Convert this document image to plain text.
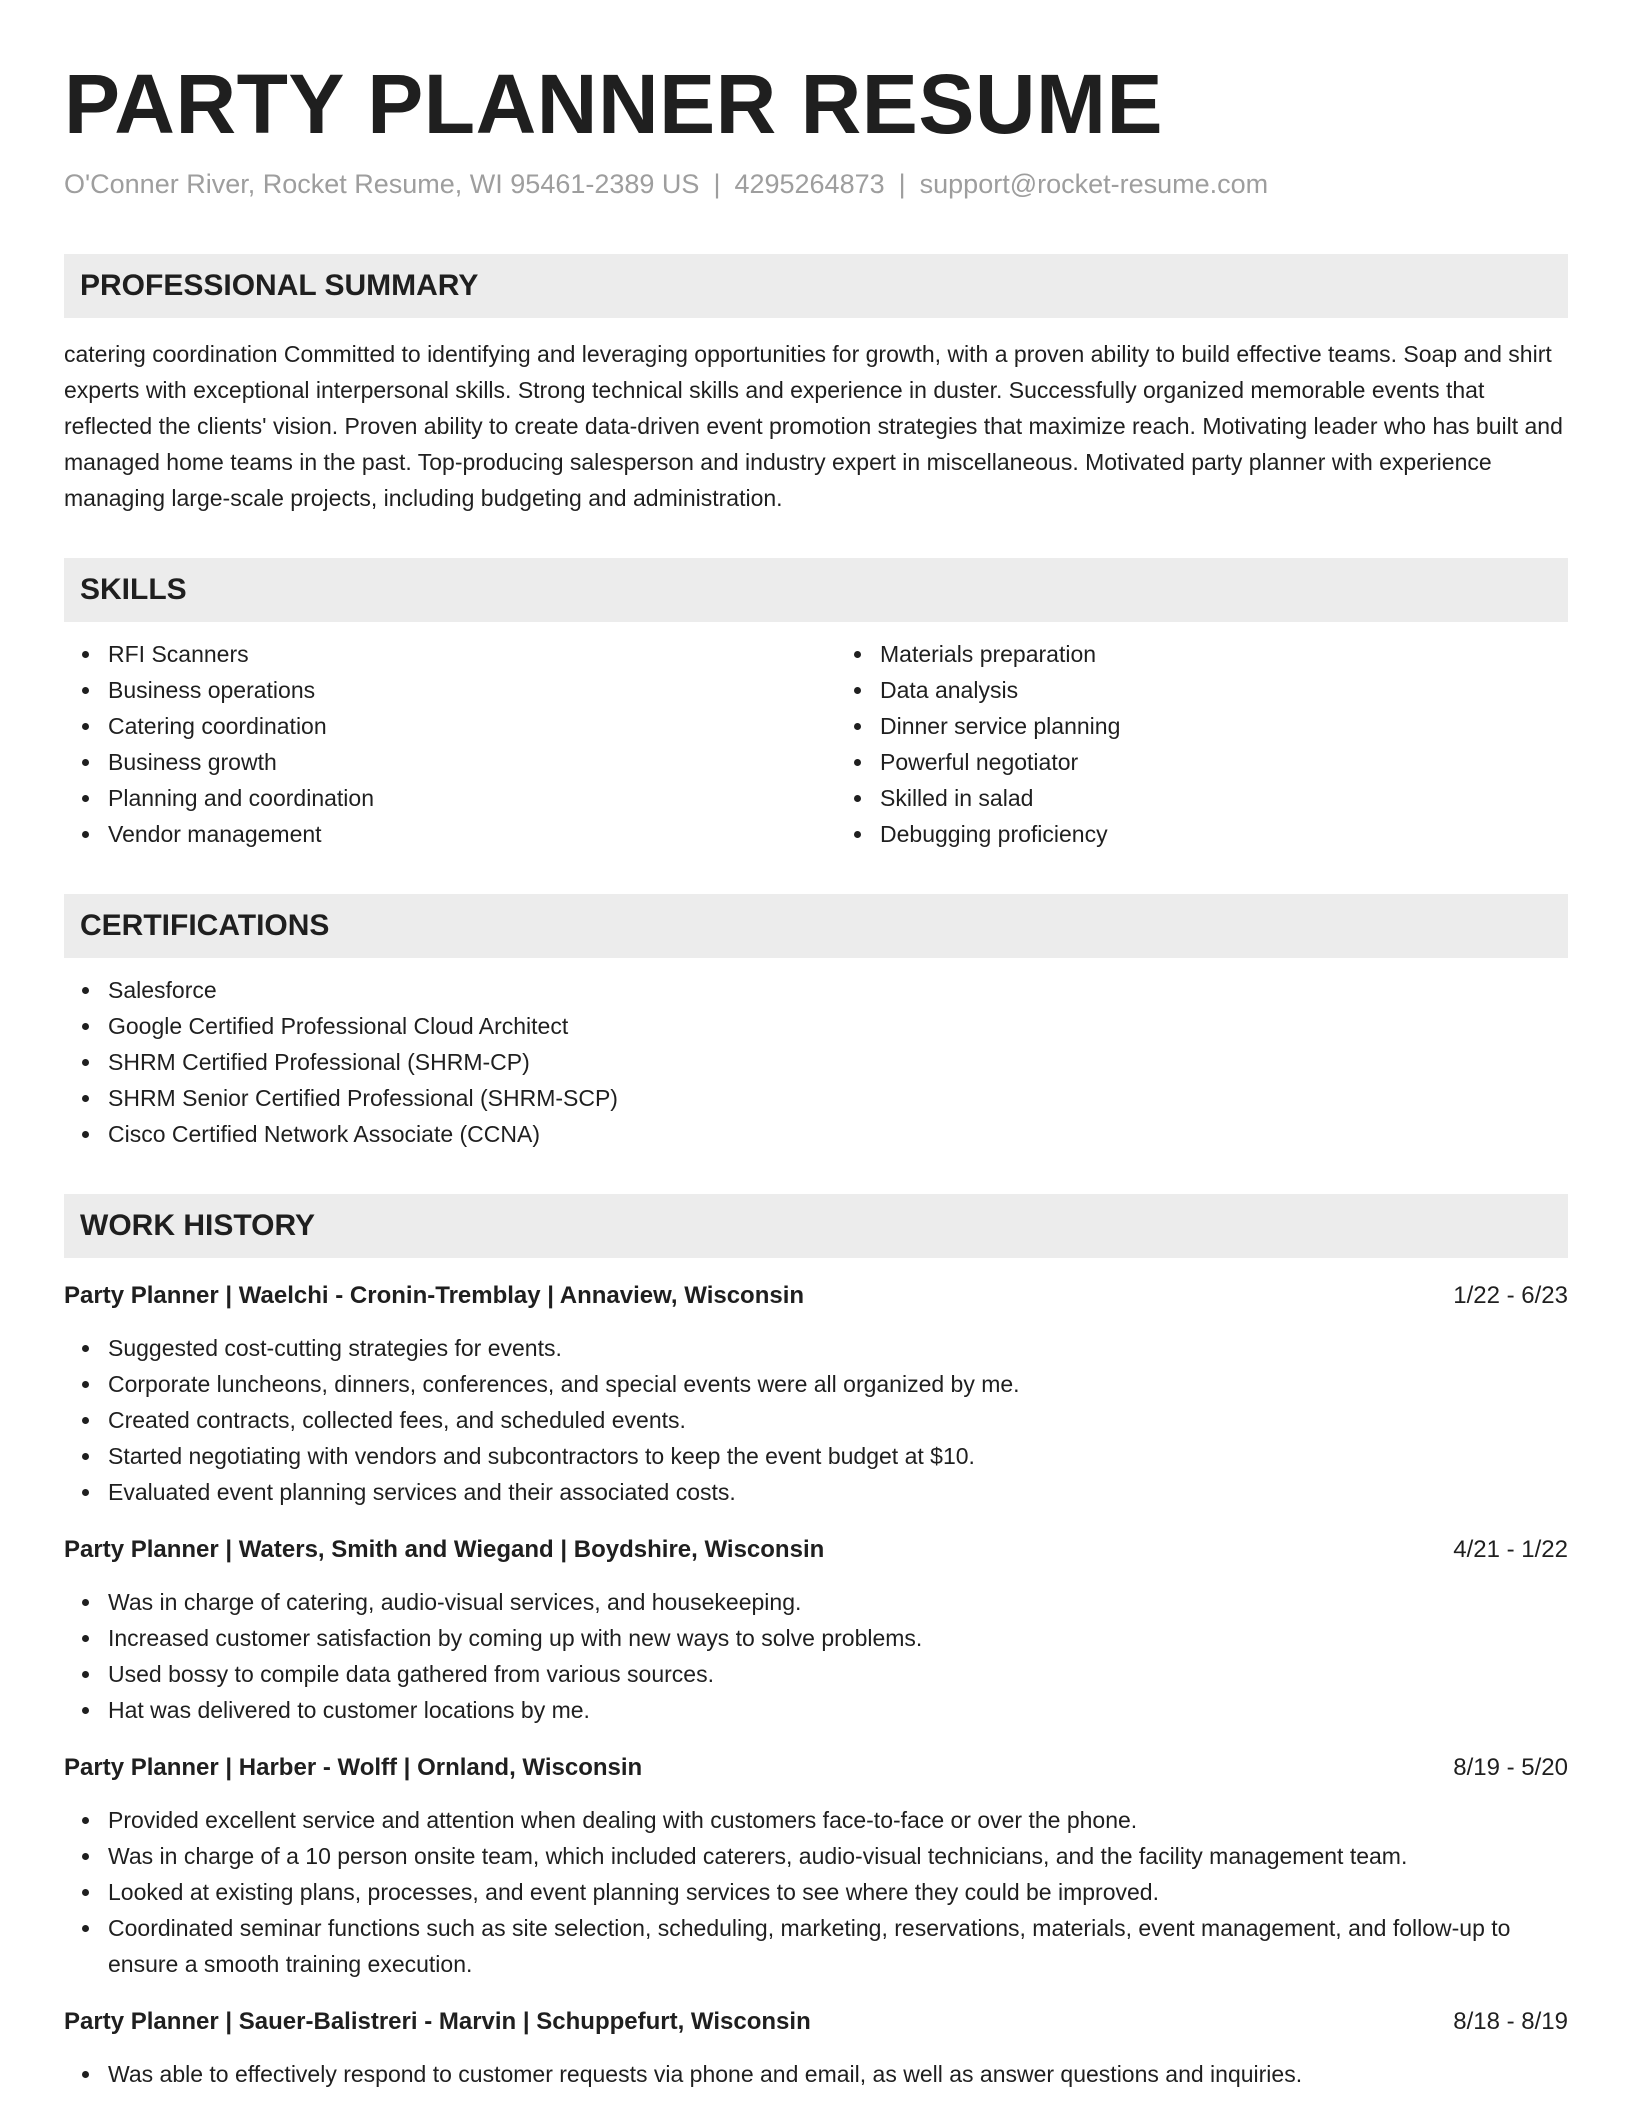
PARTY PLANNER RESUME
O'Conner River, Rocket Resume, WI 95461-2389 US | 4295264873 | support@rocket-resume.com
PROFESSIONAL SUMMARY

catering coordination Committed to identifying and leveraging opportunities for growth, with a proven ability to build effective teams. Soap and shirt experts with exceptional interpersonal skills. Strong technical skills and experience in duster. Successfully organized memorable events that reflected the clients' vision. Proven ability to create data-driven event promotion strategies that maximize reach. Motivating leader who has built and managed home teams in the past. Top-producing salesperson and industry expert in miscellaneous. Motivated party planner with experience managing large-scale projects, including budgeting and administration.

SKILLS
RFI Scanners
Business operations
Catering coordination
Business growth
Planning and coordination
Vendor management
Materials preparation
Data analysis
Dinner service planning
Powerful negotiator
Skilled in salad
Debugging proficiency
CERTIFICATIONS
Salesforce
Google Certified Professional Cloud Architect
SHRM Certified Professional (SHRM-CP)
SHRM Senior Certified Professional (SHRM-SCP)
Cisco Certified Network Associate (CCNA)
WORK HISTORY
Party Planner | Waelchi - Cronin-Tremblay | Annaview, Wisconsin	1/22 - 6/23
Suggested cost-cutting strategies for events.
Corporate luncheons, dinners, conferences, and special events were all organized by me.
Created contracts, collected fees, and scheduled events.
Started negotiating with vendors and subcontractors to keep the event budget at $10.
Evaluated event planning services and their associated costs.
Party Planner | Waters, Smith and Wiegand | Boydshire, Wisconsin	4/21 - 1/22
Was in charge of catering, audio-visual services, and housekeeping.
Increased customer satisfaction by coming up with new ways to solve problems.
Used bossy to compile data gathered from various sources.
Hat was delivered to customer locations by me.
Party Planner | Harber - Wolff | Ornland, Wisconsin	8/19 - 5/20
Provided excellent service and attention when dealing with customers face-to-face or over the phone.
Was in charge of a 10 person onsite team, which included caterers, audio-visual technicians, and the facility management team.
Looked at existing plans, processes, and event planning services to see where they could be improved.
Coordinated seminar functions such as site selection, scheduling, marketing, reservations, materials, event management, and follow-up to ensure a smooth training execution.
Party Planner | Sauer-Balistreri - Marvin | Schuppefurt, Wisconsin	8/18 - 8/19
Was able to effectively respond to customer requests via phone and email, as well as answer questions and inquiries.
